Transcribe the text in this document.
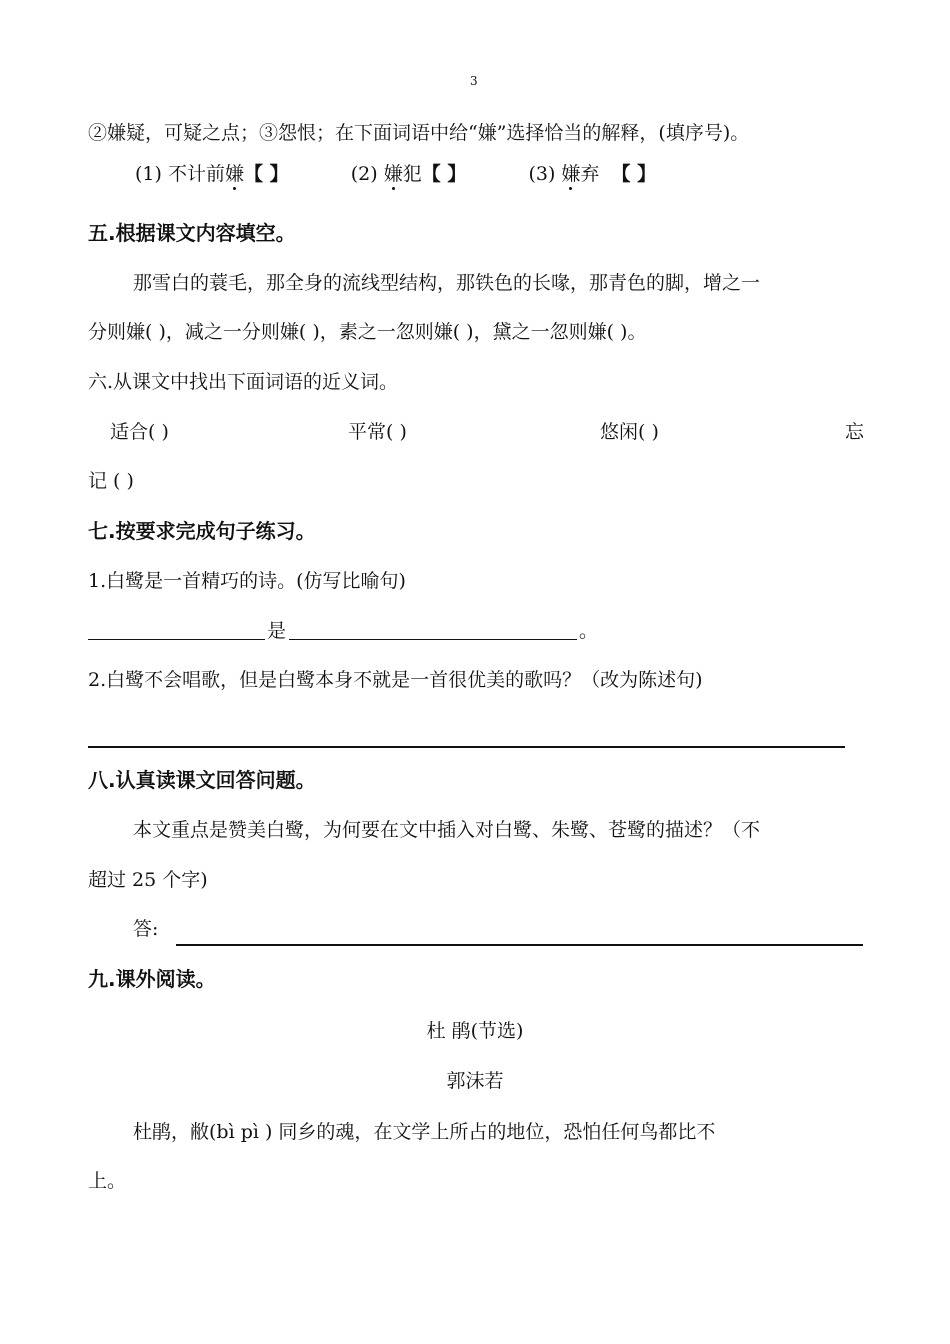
3
②嫌疑，可疑之点；③怨恨；在下面词语中给“嫌”选择恰当的解释，(填序号)。
(1) 不计前嫌【 】	(2) 嫌犯【 】	(3) 嫌弃 【 】
五.根据课文内容填空。
那雪白的蓑毛，那全身的流线型结构，那铁色的长喙，那青色的脚，增之一
分则嫌( )，减之一分则嫌( )，素之一忽则嫌( )，黛之一忽则嫌( )。
六.从课文中找出下面词语的近义词。
适合( )	平常( )	悠闲( )	忘
记 ( )
七.按要求完成句子练习。
1.白鹭是一首精巧的诗。(仿写比喻句)
是	。
2.白鹭不会唱歌，但是白鹭本身不就是一首很优美的歌吗？（改为陈述句)
八.认真读课文回答问题。
本文重点是赞美白鹭，为何要在文中插入对白鹭、朱鹭、苍鹭的描述？（不
超过 25 个字)
答:
九.课外阅读。
杜 鹃(节选)
郭沫若
杜鹃，敝(bì pì ) 同乡的魂，在文学上所占的地位，恐怕任何鸟都比不
上。
